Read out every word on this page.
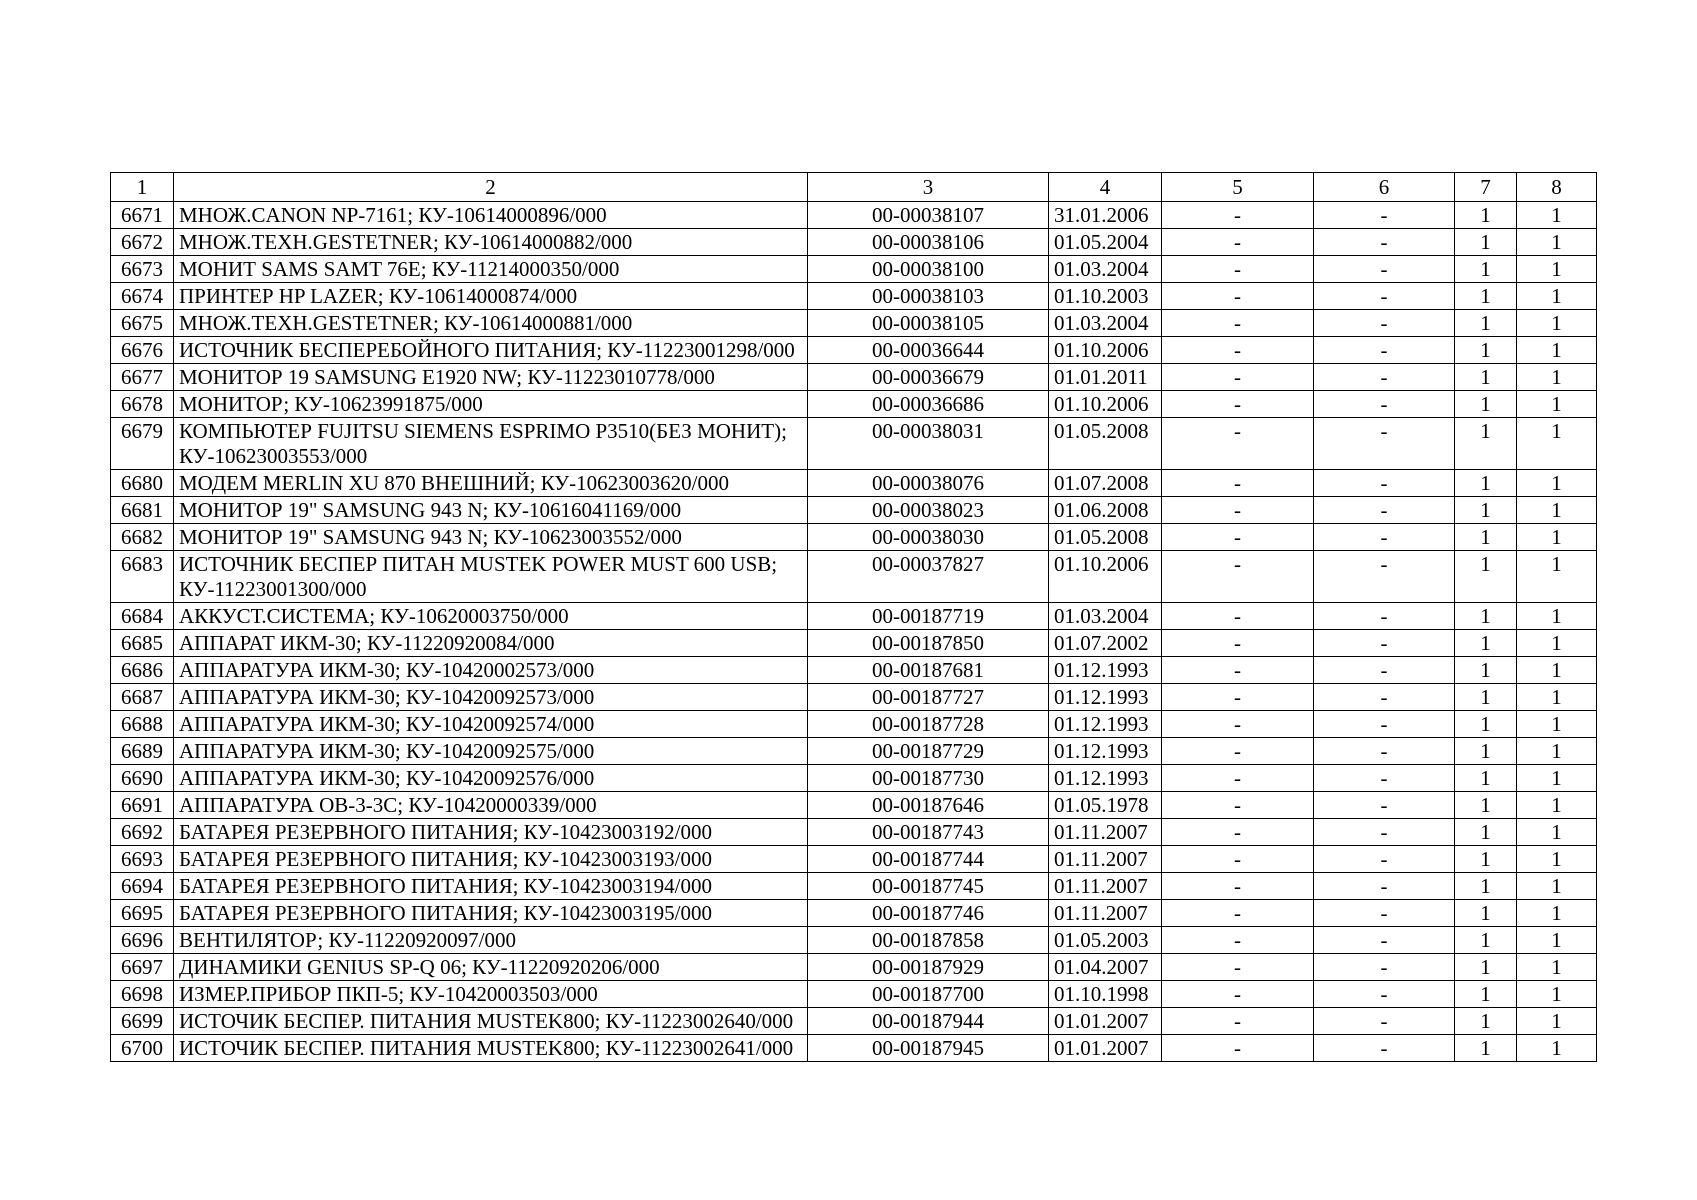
1	2	3	4	5	6	7	8
6671	МНОЖ.CANON NP-7161; КУ-10614000896/000	00-00038107	31.01.2006	-	-	1	1
6672	МНОЖ.ТЕХН.GESTETNER; КУ-10614000882/000	00-00038106	01.05.2004	-	-	1	1
6673	МОНИТ SAMS SAMT 76E; КУ-11214000350/000	00-00038100	01.03.2004	-	-	1	1
6674	ПРИНТЕР HP LAZER; КУ-10614000874/000	00-00038103	01.10.2003	-	-	1	1
6675	МНОЖ.ТЕХН.GESTETNER; КУ-10614000881/000	00-00038105	01.03.2004	-	-	1	1
6676	ИСТОЧНИК БЕСПЕРЕБОЙНОГО ПИТАНИЯ; КУ-11223001298/000	00-00036644	01.10.2006	-	-	1	1
6677	МОНИТОР 19 SAMSUNG E1920 NW; КУ-11223010778/000	00-00036679	01.01.2011	-	-	1	1
6678	МОНИТОР; КУ-10623991875/000	00-00036686	01.10.2006	-	-	1	1
6679	КОМПЬЮТЕР FUJITSU SIEMENS ESPRIMO P3510(БЕЗ МОНИТ); КУ-10623003553/000	00-00038031	01.05.2008	-	-	1	1
6680	МОДЕМ MERLIN XU 870 ВНЕШНИЙ; КУ-10623003620/000	00-00038076	01.07.2008	-	-	1	1
6681	МОНИТОР 19" SAMSUNG 943 N; КУ-10616041169/000	00-00038023	01.06.2008	-	-	1	1
6682	МОНИТОР 19" SAMSUNG 943 N; КУ-10623003552/000	00-00038030	01.05.2008	-	-	1	1
6683	ИСТОЧНИК БЕСПЕР ПИТАН MUSTEK POWER MUST 600 USB; КУ-11223001300/000	00-00037827	01.10.2006	-	-	1	1
6684	АККУСТ.СИСТЕМА; КУ-10620003750/000	00-00187719	01.03.2004	-	-	1	1
6685	АППАРАТ ИКМ-30; КУ-11220920084/000	00-00187850	01.07.2002	-	-	1	1
6686	АППАРАТУРА ИКМ-30; КУ-10420002573/000	00-00187681	01.12.1993	-	-	1	1
6687	АППАРАТУРА ИКМ-30; КУ-10420092573/000	00-00187727	01.12.1993	-	-	1	1
6688	АППАРАТУРА ИКМ-30; КУ-10420092574/000	00-00187728	01.12.1993	-	-	1	1
6689	АППАРАТУРА ИКМ-30; КУ-10420092575/000	00-00187729	01.12.1993	-	-	1	1
6690	АППАРАТУРА ИКМ-30; КУ-10420092576/000	00-00187730	01.12.1993	-	-	1	1
6691	АППАРАТУРА ОВ-3-3С; КУ-10420000339/000	00-00187646	01.05.1978	-	-	1	1
6692	БАТАРЕЯ РЕЗЕРВНОГО ПИТАНИЯ; КУ-10423003192/000	00-00187743	01.11.2007	-	-	1	1
6693	БАТАРЕЯ РЕЗЕРВНОГО ПИТАНИЯ; КУ-10423003193/000	00-00187744	01.11.2007	-	-	1	1
6694	БАТАРЕЯ РЕЗЕРВНОГО ПИТАНИЯ; КУ-10423003194/000	00-00187745	01.11.2007	-	-	1	1
6695	БАТАРЕЯ РЕЗЕРВНОГО ПИТАНИЯ; КУ-10423003195/000	00-00187746	01.11.2007	-	-	1	1
6696	ВЕНТИЛЯТОР; КУ-11220920097/000	00-00187858	01.05.2003	-	-	1	1
6697	ДИНАМИКИ GENIUS SP-Q 06; КУ-11220920206/000	00-00187929	01.04.2007	-	-	1	1
6698	ИЗМЕР.ПРИБОР ПКП-5; КУ-10420003503/000	00-00187700	01.10.1998	-	-	1	1
6699	ИСТОЧИК БЕСПЕР. ПИТАНИЯ MUSTEK800; КУ-11223002640/000	00-00187944	01.01.2007	-	-	1	1
6700	ИСТОЧИК БЕСПЕР. ПИТАНИЯ MUSTEK800; КУ-11223002641/000	00-00187945	01.01.2007	-	-	1	1
